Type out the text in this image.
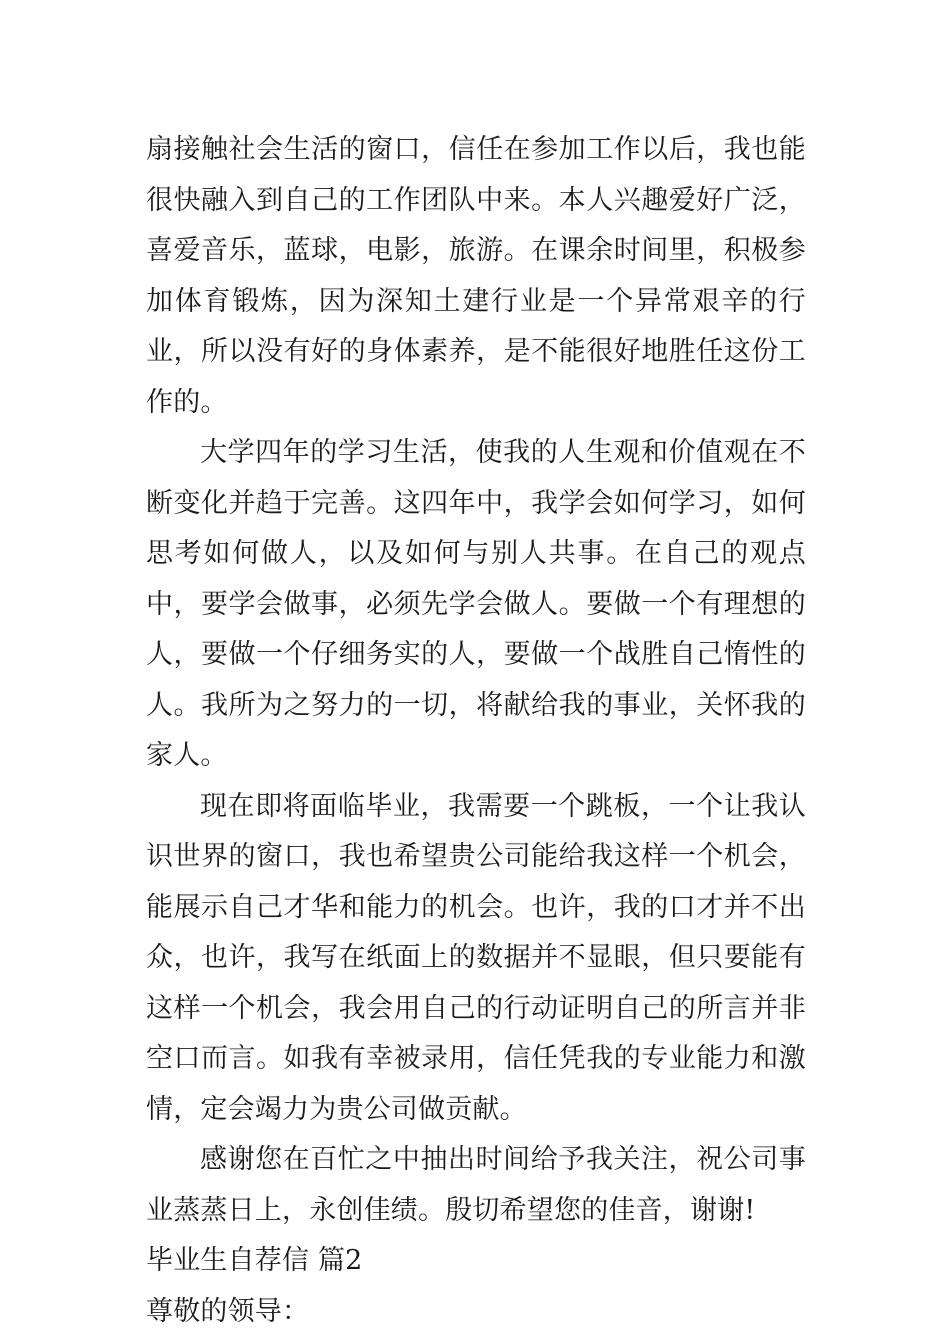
扇接触社会生活的窗口，信任在参加工作以后，我也能很快融入到自己的工作团队中来。本人兴趣爱好广泛，喜爱音乐，蓝球，电影，旅游。在课余时间里，积极参加体育锻炼，因为深知土建行业是一个异常艰辛的行业，所以没有好的身体素养，是不能很好地胜任这份工作的。

大学四年的学习生活，使我的人生观和价值观在不断变化并趋于完善。这四年中，我学会如何学习，如何思考如何做人，以及如何与别人共事。在自己的观点中，要学会做事，必须先学会做人。要做一个有理想的人，要做一个仔细务实的人，要做一个战胜自己惰性的人。我所为之努力的一切，将献给我的事业，关怀我的家人。

现在即将面临毕业，我需要一个跳板，一个让我认识世界的窗口，我也希望贵公司能给我这样一个机会，能展示自己才华和能力的机会。也许，我的口才并不出众，也许，我写在纸面上的数据并不显眼，但只要能有这样一个机会，我会用自己的行动证明自己的所言并非空口而言。如我有幸被录用，信任凭我的专业能力和激情，定会竭力为贵公司做贡献。

感谢您在百忙之中抽出时间给予我关注，祝公司事业蒸蒸日上，永创佳绩。殷切希望您的佳音，谢谢!

毕业生自荐信 篇2

尊敬的领导：
